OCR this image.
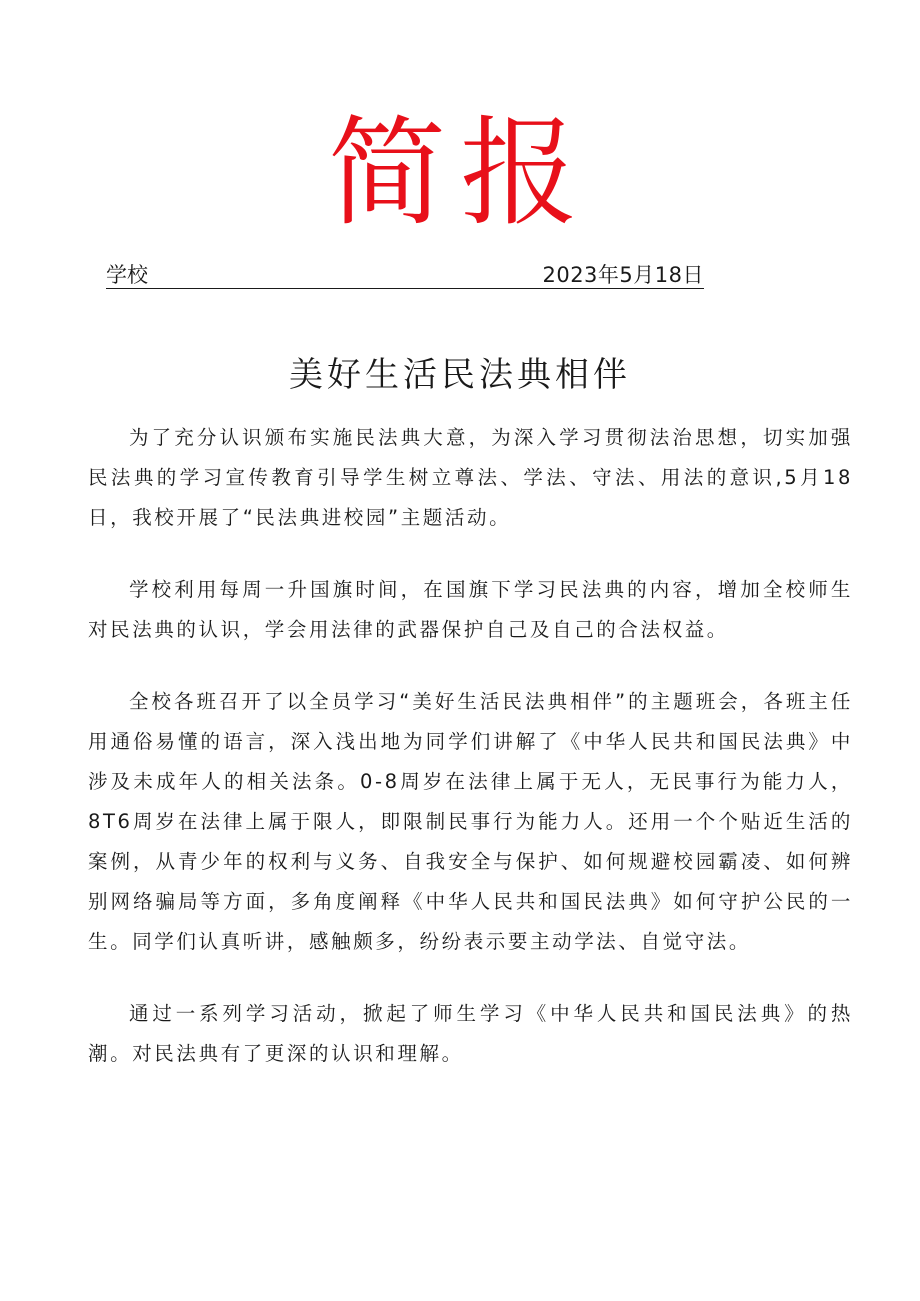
简报
学校	2023年5月18日
美好生活民法典相伴

为了充分认识颁布实施民法典大意，为深入学习贯彻法治思想，切实加强民法典的学习宣传教育引导学生树立尊法、学法、守法、用法的意识,5月18日，我校开展了“民法典进校园”主题活动。

学校利用每周一升国旗时间，在国旗下学习民法典的内容，增加全校师生对民法典的认识，学会用法律的武器保护自己及自己的合法权益。

全校各班召开了以全员学习“美好生活民法典相伴”的主题班会，各班主任用通俗易懂的语言，深入浅出地为同学们讲解了《中华人民共和国民法典》中涉及未成年人的相关法条。0-8周岁在法律上属于无人，无民事行为能力人，8T6周岁在法律上属于限人，即限制民事行为能力人。还用一个个贴近生活的案例，从青少年的权利与义务、自我安全与保护、如何规避校园霸凌、如何辨别网络骗局等方面，多角度阐释《中华人民共和国民法典》如何守护公民的一生。同学们认真听讲，感触颇多，纷纷表示要主动学法、自觉守法。

通过一系列学习活动，掀起了师生学习《中华人民共和国民法典》的热潮。对民法典有了更深的认识和理解。
